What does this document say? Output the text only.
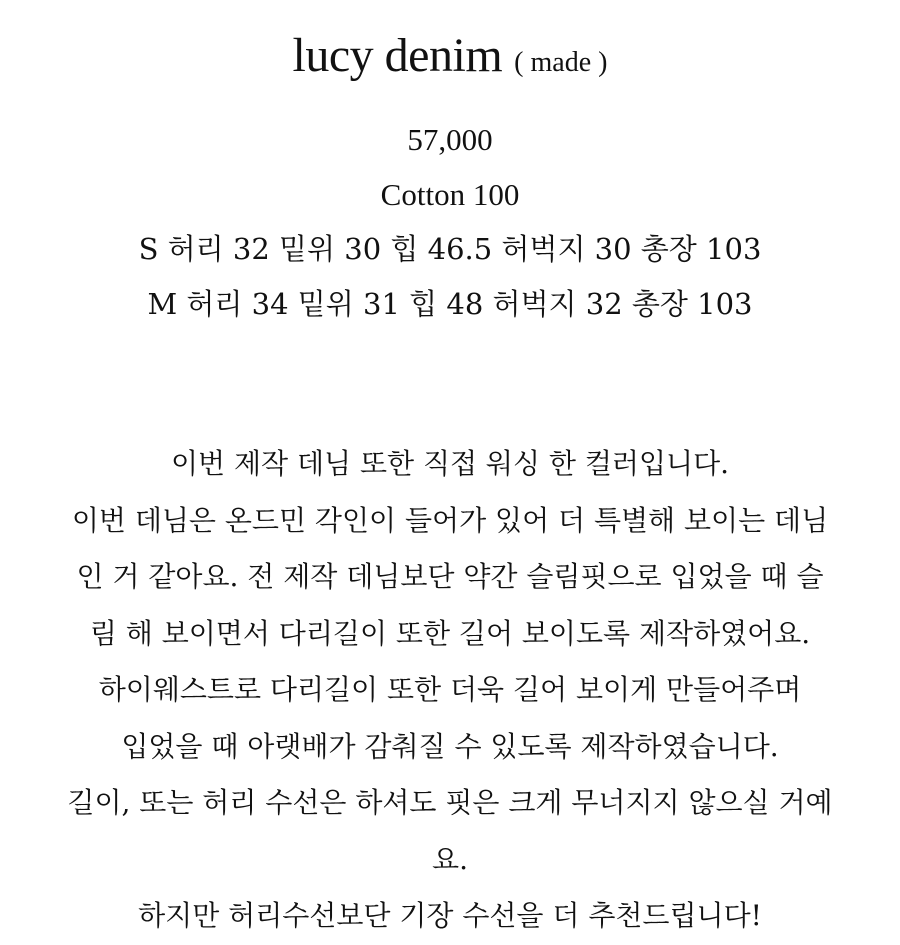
lucy denim ( made )
57,000
Cotton 100
S 허리 32 밑위 30 힙 46.5 허벅지 30 총장 103
M 허리 34 밑위 31 힙 48 허벅지 32 총장 103
이번 제작 데님 또한 직접 워싱 한 컬러입니다.
이번 데님은 온드민 각인이 들어가 있어 더 특별해 보이는 데님
인 거 같아요. 전 제작 데님보단 약간 슬림핏으로 입었을 때 슬
림 해 보이면서 다리길이 또한 길어 보이도록 제작하였어요.
하이웨스트로 다리길이 또한 더욱 길어 보이게 만들어주며
입었을 때 아랫배가 감춰질 수 있도록 제작하였습니다.
길이, 또는 허리 수선은 하셔도 핏은 크게 무너지지 않으실 거예
요.
하지만 허리수선보단 기장 수선을 더 추천드립니다!
